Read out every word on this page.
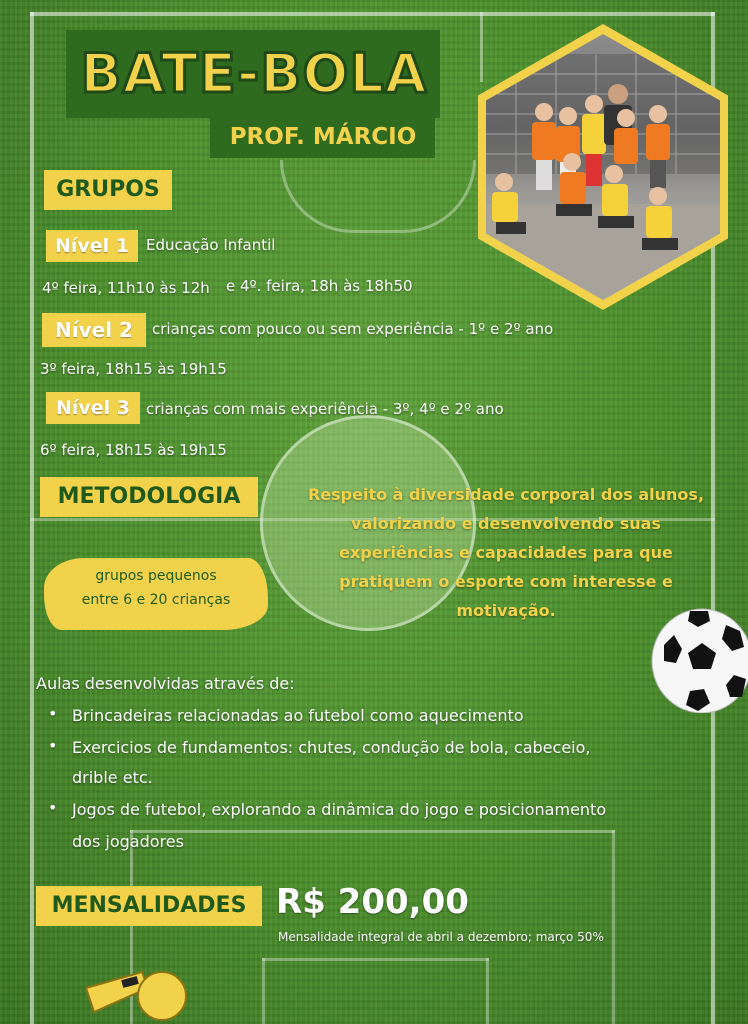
BATE-BOLA
PROF. MÁRCIO
GRUPOS
Nível 1	Educação Infantil
4º feira, 11h10 às 12h e 4º. feira, 18h às 18h50
Nível 2	crianças com pouco ou sem experiência - 1º e 2º ano
3º feira, 18h15 às 19h15
Nível 3	crianças com mais experiência - 3º, 4º e 2º ano
6º feira, 18h15 às 19h15
METODOLOGIA
grupos pequenos
entre 6 e 20 crianças
Respeito à diversidade corporal dos alunos,
valorizando e desenvolvendo suas
experiências e capacidades para que
pratiquem o esporte com interesse e
motivação.
Aulas desenvolvidas através de:
• Brincadeiras relacionadas ao futebol como aquecimento
• Exercicios de fundamentos: chutes, condução de bola, cabeceio,
drible etc.
• Jogos de futebol, explorando a dinâmica do jogo e posicionamento
dos jogadores
MENSALIDADES R$ 200,00
Mensalidade integral de abril a dezembro; março 50%
